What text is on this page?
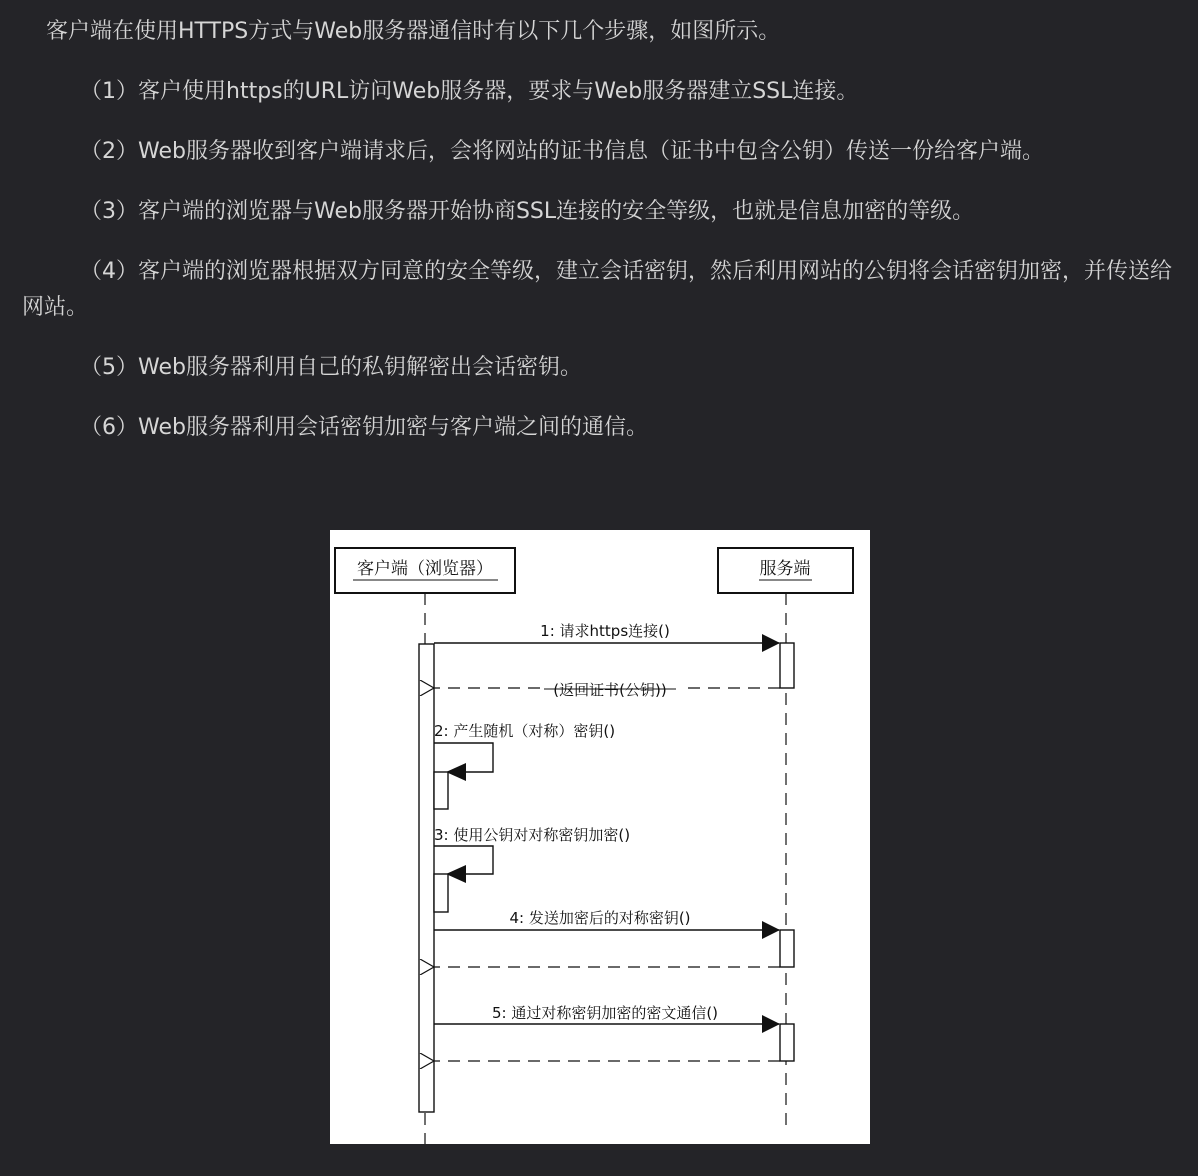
客户端在使用HTTPS方式与Web服务器通信时有以下几个步骤，如图所示。

（1）客户使用https的URL访问Web服务器，要求与Web服务器建立SSL连接。

（2）Web服务器收到客户端请求后，会将网站的证书信息（证书中包含公钥）传送一份给客户端。

（3）客户端的浏览器与Web服务器开始协商SSL连接的安全等级，也就是信息加密的等级。

（4）客户端的浏览器根据双方同意的安全等级，建立会话密钥，然后利用网站的公钥将会话密钥加密，并传送给网站。

（5）Web服务器利用自己的私钥解密出会话密钥。

（6）Web服务器利用会话密钥加密与客户端之间的通信。

客户端（浏览器）	服务端
1: 请求https连接()
(返回证书(公钥))
2: 产生随机（对称）密钥()
3: 使用公钥对对称密钥加密()
4: 发送加密后的对称密钥()
5: 通过对称密钥加密的密文通信()
